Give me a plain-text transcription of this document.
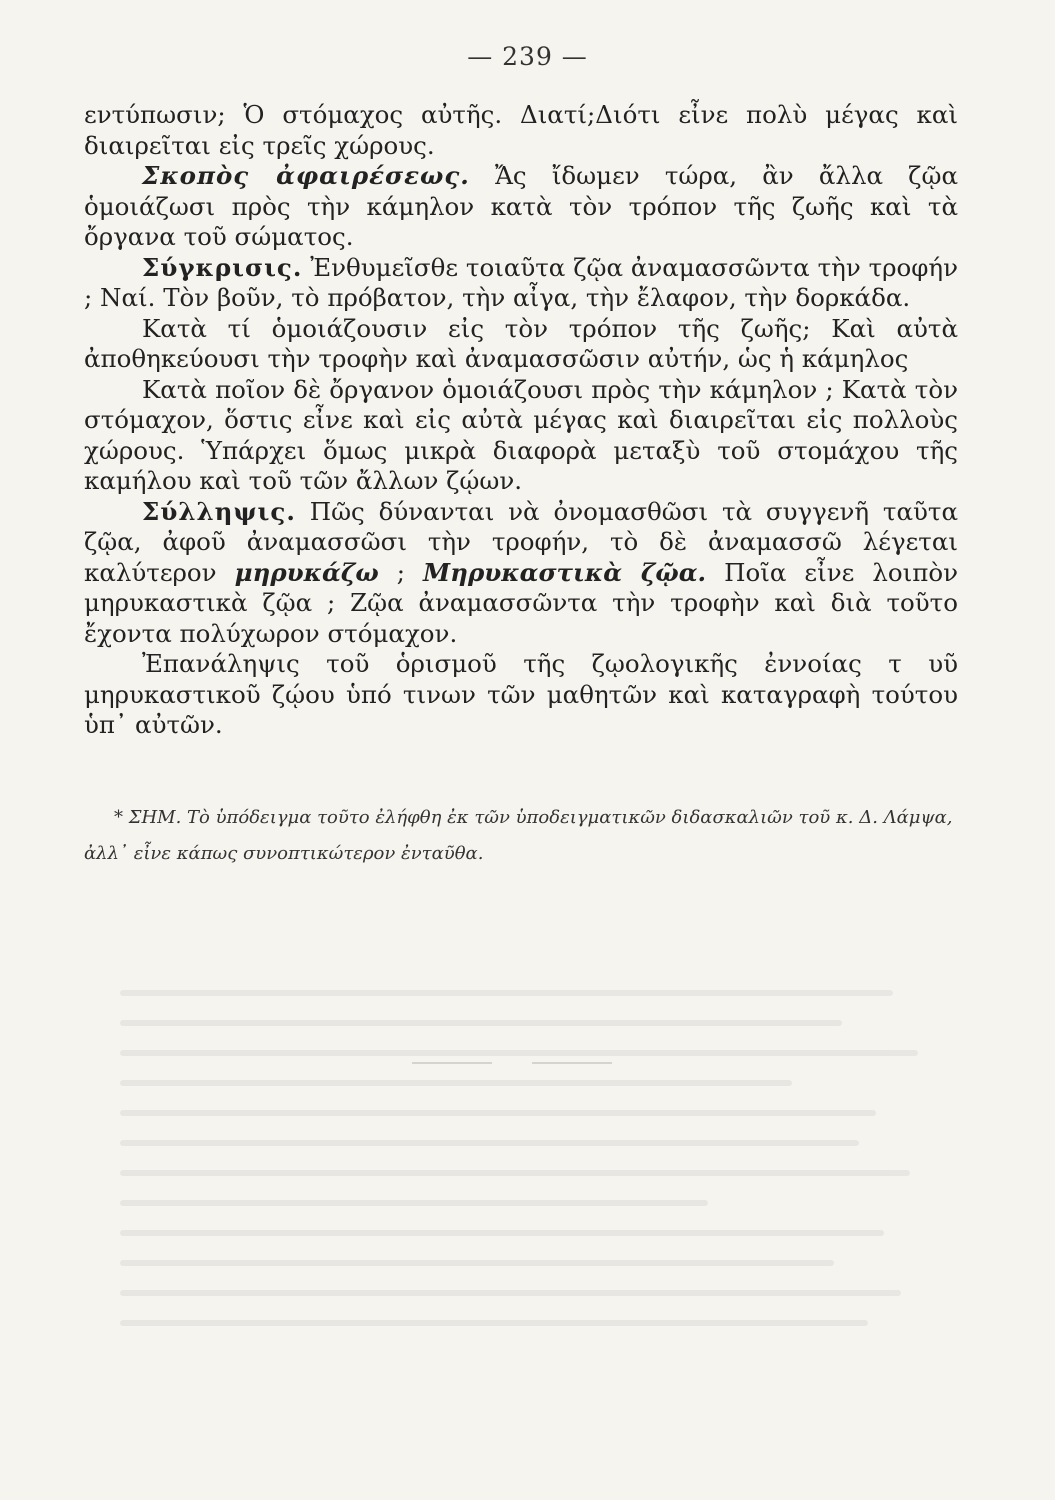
— 239 —

εντύπωσιν; Ὁ στόμαχος αὐτῆς. Διατί;Διότι εἶνε πολὺ μέγας καὶ διαιρεῖται εἰς τρεῖς χώρους.

Σκοπὸς ἀφαιρέσεως. Ἄς ἴδωμεν τώρα, ἂν ἄλλα ζῷα ὁμοιάζωσι πρὸς τὴν κάμηλον κατὰ τὸν τρόπον τῆς ζωῆς καὶ τὰ ὄργανα τοῦ σώματος.

Σύγκρισις. Ἐνθυμεῖσθε τοιαῦτα ζῷα ἀναμασσῶντα τὴν τροφήν ; Ναί. Τὸν βοῦν, τὸ πρόβατον, τὴν αἶγα, τὴν ἔλαφον, τὴν δορκάδα.

Κατὰ τί ὁμοιάζουσιν εἰς τὸν τρόπον τῆς ζωῆς; Καὶ αὐτὰ ἀποθηκεύουσι τὴν τροφὴν καὶ ἀναμασσῶσιν αὐτήν, ὡς ἡ κάμηλος

Κατὰ ποῖον δὲ ὄργανον ὁμοιάζουσι πρὸς τὴν κάμηλον ; Κατὰ τὸν στόμαχον, ὅστις εἶνε καὶ εἰς αὐτὰ μέγας καὶ διαιρεῖται εἰς πολλοὺς χώρους. Ὑπάρχει ὅμως μικρὰ διαφορὰ μεταξὺ τοῦ στομάχου τῆς καμήλου καὶ τοῦ τῶν ἄλλων ζῴων.

Σύλληψις. Πῶς δύνανται νὰ ὀνομασθῶσι τὰ συγγενῆ ταῦτα ζῷα, ἀφοῦ ἀναμασσῶσι τὴν τροφήν, τὸ δὲ ἀναμασσῶ λέγεται καλύτερον μηρυκάζω ; Μηρυκαστικὰ ζῷα. Ποῖα εἶνε λοιπὸν μηρυκαστικὰ ζῷα ; Ζῷα ἀναμασσῶντα τὴν τροφὴν καὶ διὰ τοῦτο ἔχοντα πολύχωρον στόμαχον.

Ἐπανάληψις τοῦ ὁρισμοῦ τῆς ζῳολογικῆς ἐννοίας τ υῦ μηρυκαστικοῦ ζῴου ὑπό τινων τῶν μαθητῶν καὶ καταγραφὴ τούτου ὑπ᾽ αὐτῶν.

* ΣΗΜ. Τὸ ὑπόδειγμα τοῦτο ἐλήφθη ἐκ τῶν ὑποδειγματικῶν διδασκαλιῶν τοῦ κ. Δ. Λάμψα, ἀλλ᾽ εἶνε κάπως συνοπτικώτερον ἐνταῦθα.
